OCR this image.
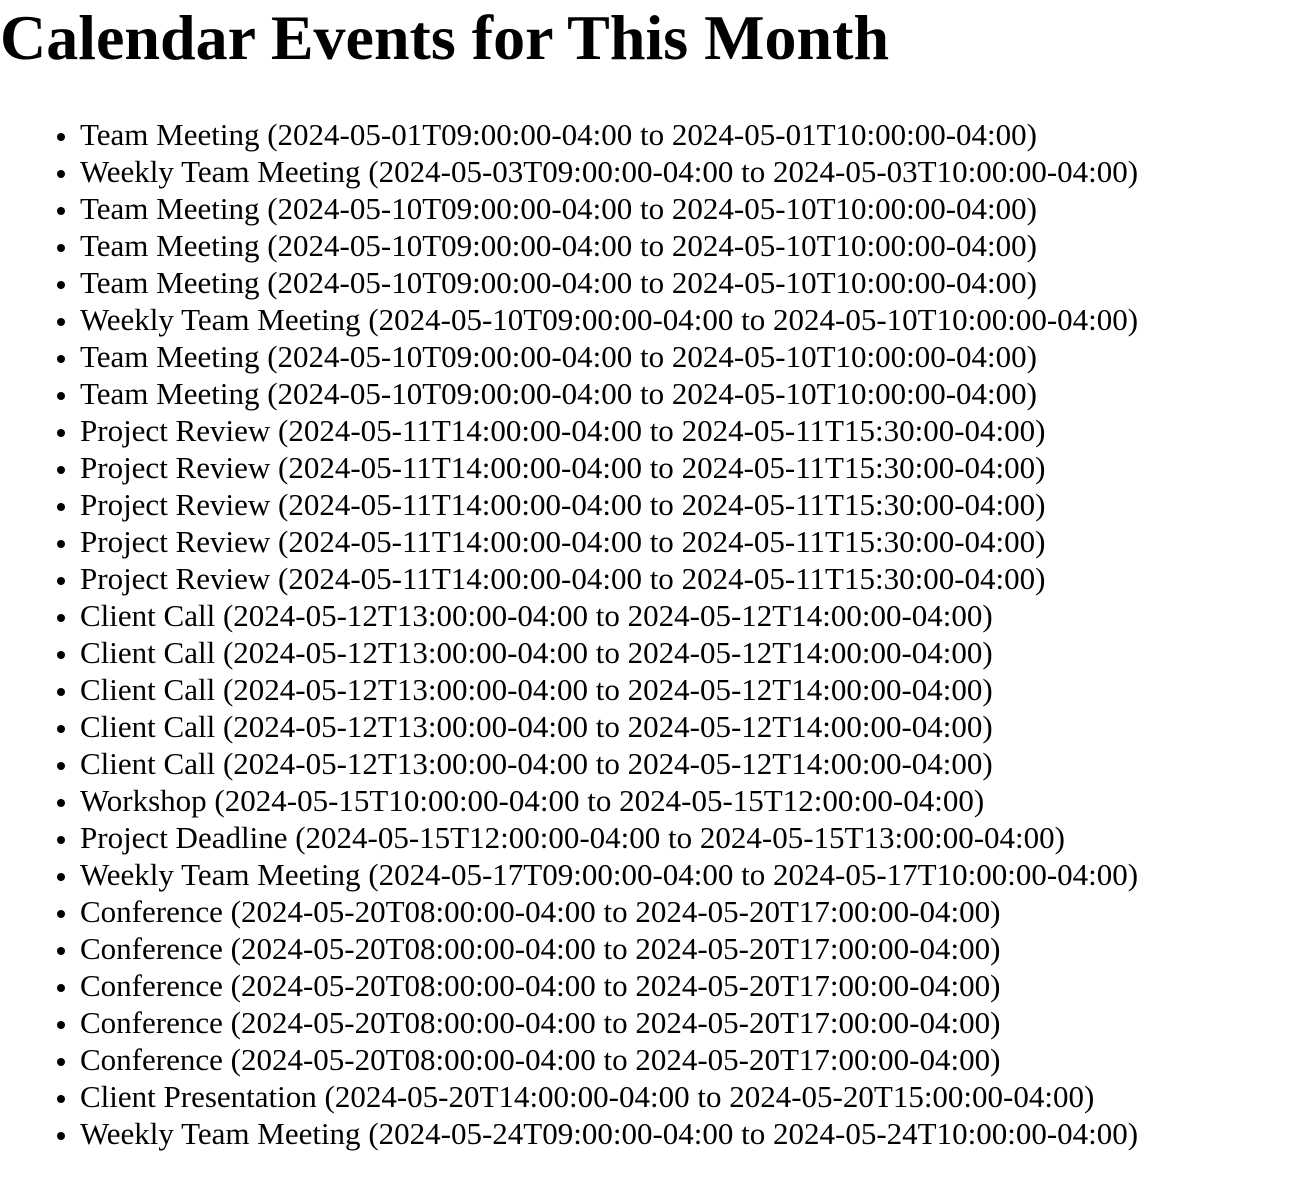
Calendar Events for This Month
• Team Meeting (2024-05-01T09:00:00-04:00 to 2024-05-01T10:00:00-04:00)
• Weekly Team Meeting (2024-05-03T09:00:00-04:00 to 2024-05-03T10:00:00-04:00)
• Team Meeting (2024-05-10T09:00:00-04:00 to 2024-05-10T10:00:00-04:00)
• Team Meeting (2024-05-10T09:00:00-04:00 to 2024-05-10T10:00:00-04:00)
• Team Meeting (2024-05-10T09:00:00-04:00 to 2024-05-10T10:00:00-04:00)
• Weekly Team Meeting (2024-05-10T09:00:00-04:00 to 2024-05-10T10:00:00-04:00)
• Team Meeting (2024-05-10T09:00:00-04:00 to 2024-05-10T10:00:00-04:00)
• Team Meeting (2024-05-10T09:00:00-04:00 to 2024-05-10T10:00:00-04:00)
• Project Review (2024-05-11T14:00:00-04:00 to 2024-05-11T15:30:00-04:00)
• Project Review (2024-05-11T14:00:00-04:00 to 2024-05-11T15:30:00-04:00)
• Project Review (2024-05-11T14:00:00-04:00 to 2024-05-11T15:30:00-04:00)
• Project Review (2024-05-11T14:00:00-04:00 to 2024-05-11T15:30:00-04:00)
• Project Review (2024-05-11T14:00:00-04:00 to 2024-05-11T15:30:00-04:00)
• Client Call (2024-05-12T13:00:00-04:00 to 2024-05-12T14:00:00-04:00)
• Client Call (2024-05-12T13:00:00-04:00 to 2024-05-12T14:00:00-04:00)
• Client Call (2024-05-12T13:00:00-04:00 to 2024-05-12T14:00:00-04:00)
• Client Call (2024-05-12T13:00:00-04:00 to 2024-05-12T14:00:00-04:00)
• Client Call (2024-05-12T13:00:00-04:00 to 2024-05-12T14:00:00-04:00)
• Workshop (2024-05-15T10:00:00-04:00 to 2024-05-15T12:00:00-04:00)
• Project Deadline (2024-05-15T12:00:00-04:00 to 2024-05-15T13:00:00-04:00)
• Weekly Team Meeting (2024-05-17T09:00:00-04:00 to 2024-05-17T10:00:00-04:00)
• Conference (2024-05-20T08:00:00-04:00 to 2024-05-20T17:00:00-04:00)
• Conference (2024-05-20T08:00:00-04:00 to 2024-05-20T17:00:00-04:00)
• Conference (2024-05-20T08:00:00-04:00 to 2024-05-20T17:00:00-04:00)
• Conference (2024-05-20T08:00:00-04:00 to 2024-05-20T17:00:00-04:00)
• Conference (2024-05-20T08:00:00-04:00 to 2024-05-20T17:00:00-04:00)
• Client Presentation (2024-05-20T14:00:00-04:00 to 2024-05-20T15:00:00-04:00)
• Weekly Team Meeting (2024-05-24T09:00:00-04:00 to 2024-05-24T10:00:00-04:00)
